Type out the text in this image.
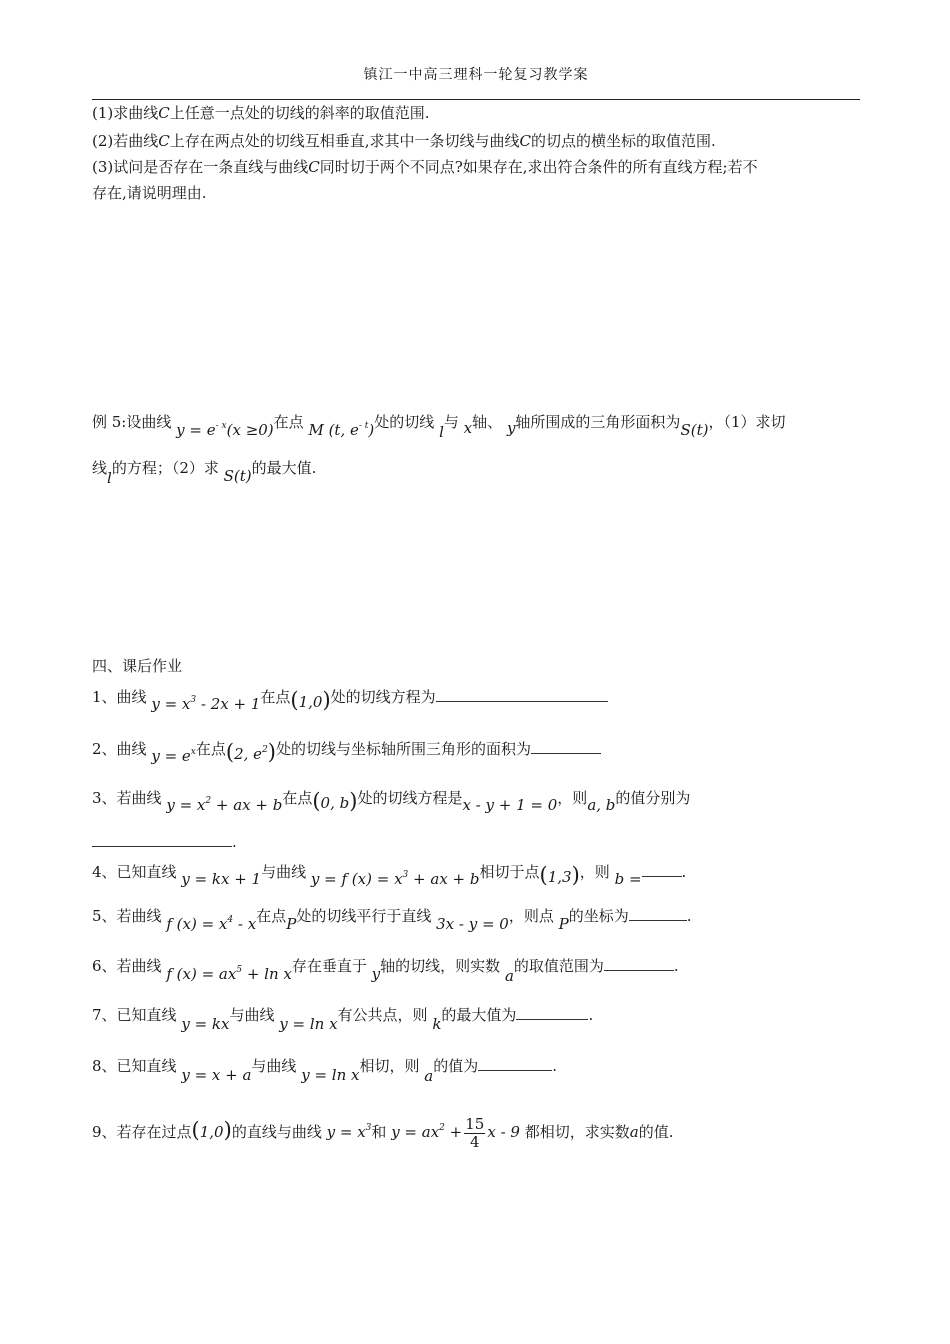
镇江一中高三理科一轮复习教学案
(1)求曲线C上任意一点处的切线的斜率的取值范围.
(2)若曲线C上存在两点处的切线互相垂直,求其中一条切线与曲线C的切点的横坐标的取值范围.
(3)试问是否存在一条直线与曲线C同时切于两个不同点?如果存在,求出符合条件的所有直线方程;若不
存在,请说明理由.
例 5:设曲线 $y = e^{- x}(x \ge 0)$在点 M (t, $e^{- t}$)处的切线 l与 x轴、 y轴所围成的三角形面积为S(t)，（1）求切
线l的方程；（2）求 S(t)的最大值.
四、课后作业
1、曲线 $y = x^3 - 2x + 1$在点(1,0)处的切线方程为
2、曲线 $y = e^x$在点(2, $e^2$)处的切线与坐标轴所围三角形的面积为
3、若曲线 $y = x^2$ + ax + b在点(0, b)处的切线方程是x - y + 1 = 0，则a, b的值分别为
.
4、已知直线 y = kx + 1与曲线 y = f $(x) = x^3$ + ax + b相切于点(1,3)，则 b =	.
5、若曲线 f $(x) = x^4 - x$在点P处的切线平行于直线 3x - y = 0，则点 P的坐标为	.
6、若曲线 f $(x) = ax^5 + \ln x$存在垂直于 y轴的切线，则实数 a的取值范围为	.
7、已知直线 y = kx与曲线 y = ln x有公共点，则 k的最大值为	.
8、已知直线 y = x + a与曲线 y = ln x相切，则 a的值为	.
9、若存在过点(1,0)的直线与曲线 $y = x^3$和 $y = ax^2 + \frac{15}{4}$ x - 9 都相切，求实数a的值.
